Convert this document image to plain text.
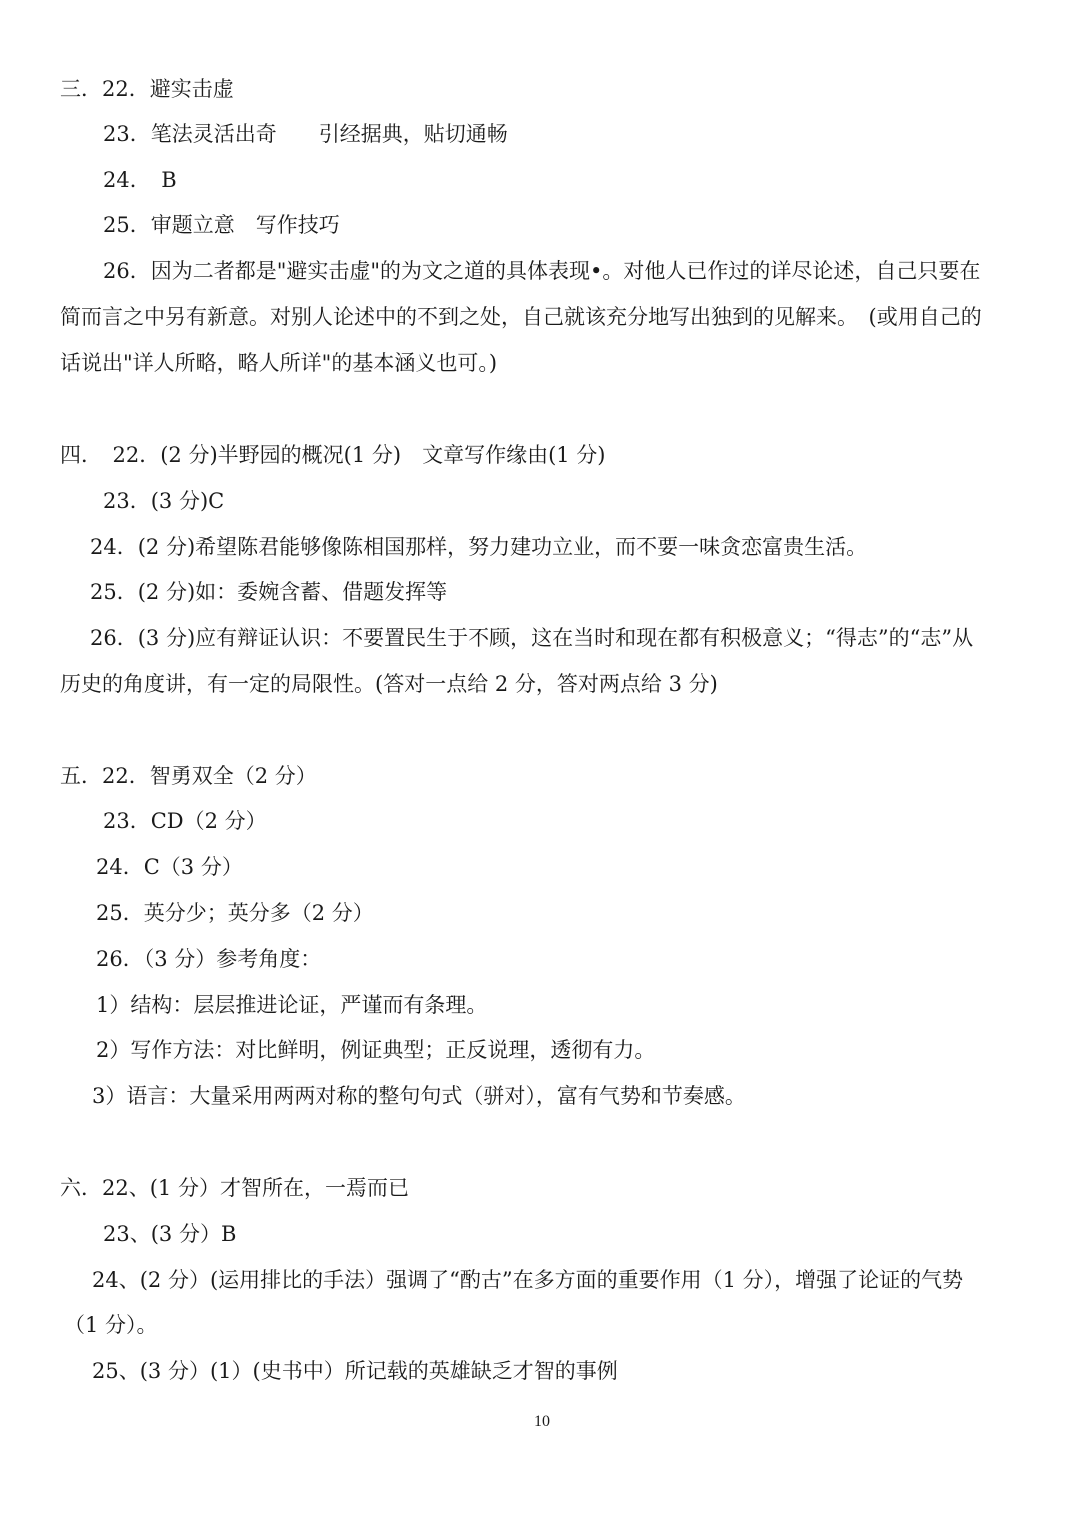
三．22．避实击虚
23．笔法灵活出奇　　引经据典，贴切通畅
24．　B
25．审题立意　写作技巧
26．因为二者都是"避实击虚"的为文之道的具体表现•。对他人已作过的详尽论述，自己只要在
简而言之中另有新意。对别人论述中的不到之处，自己就该充分地写出独到的见解来。　(或用自己的
话说出"详人所略，略人所详"的基本涵义也可。)
四．　22．(2 分)半野园的概况(1 分)　文章写作缘由(1 分)
23．(3 分)C
24．(2 分)希望陈君能够像陈相国那样，努力建功立业，而不要一味贪恋富贵生活。
25．(2 分)如：委婉含蓄、借题发挥等
26．(3 分)应有辩证认识：不要置民生于不顾，这在当时和现在都有积极意义；“得志”的“志”从
历史的角度讲，有一定的局限性。(答对一点给 2 分，答对两点给 3 分)
五．22．智勇双全（2 分）
23．CD（2 分）
24．C（3 分）
25．英分少；英分多（2 分）
26．（3 分）参考角度：
1）结构：层层推进论证，严谨而有条理。
2）写作方法：对比鲜明，例证典型；正反说理，透彻有力。
3）语言：大量采用两两对称的整句句式（骈对），富有气势和节奏感。
六．22、(1 分）才智所在，一焉而已
23、(3 分）B
24、(2 分）(运用排比的手法）强调了“酌古”在多方面的重要作用（1 分），增强了论证的气势
（1 分）。
25、(3 分）(1）(史书中）所记载的英雄缺乏才智的事例
10
